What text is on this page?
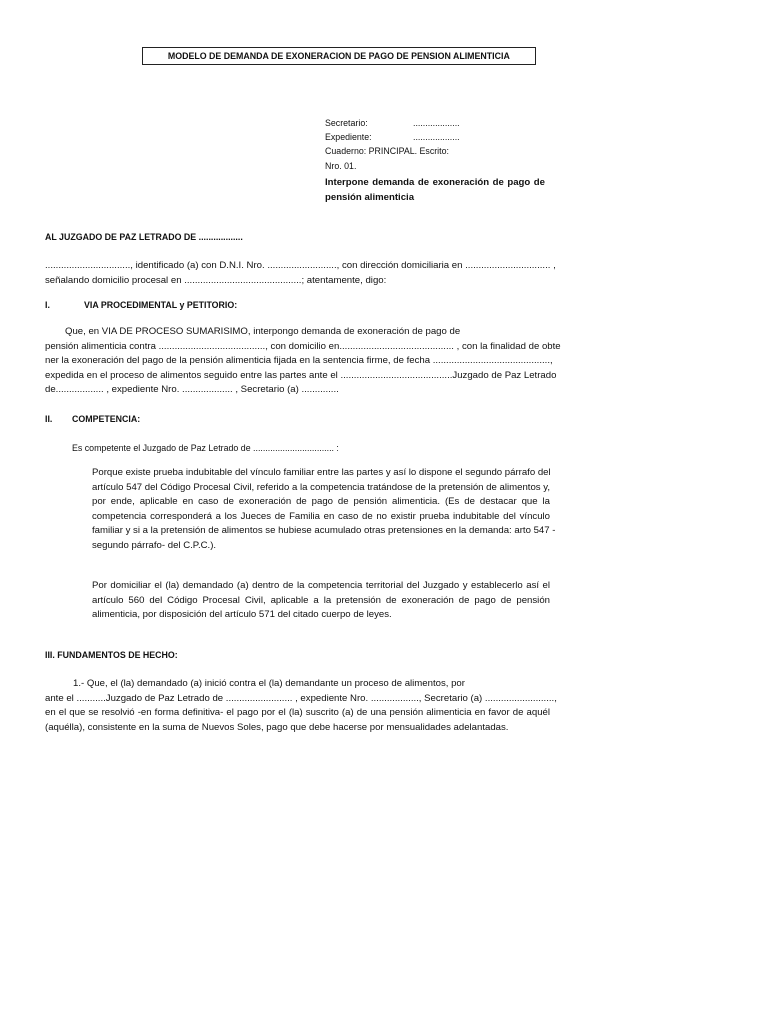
MODELO DE DEMANDA DE EXONERACION DE PAGO DE PENSION ALIMENTICIA
Secretario:	...................
Expediente:	...................
Cuaderno: PRINCIPAL. Escrito:
Nro. 01.
Interpone demanda de exoneración de pago de
pensión alimenticia
AL JUZGADO DE PAZ LETRADO DE ..................
................................, identificado (a) con D.N.I. Nro. .........................., con dirección domiciliaria en ................................ ,
señalando domicilio procesal en ............................................; atentamente, digo:
I.	VIA PROCEDIMENTAL y PETITORIO:
Que, en VIA DE PROCESO SUMARISIMO, interpongo demanda de exoneración de pago de
pensión alimenticia contra ........................................, con domicilio en........................................... , con la finalidad de obte
ner la exoneración del pago de la pensión alimenticia fijada en la sentencia firme, de fecha ............................................,
expedida en el proceso de alimentos seguido entre las partes ante el ..........................................Juzgado de Paz Letrado
de.................. , expediente Nro. ................... , Secretario (a) ..............
II. COMPETENCIA:
Es competente el Juzgado de Paz Letrado de ................................. :
Porque existe prueba indubitable del vínculo familiar entre las partes y así lo dispone el segundo párrafo del
artículo 547 del Código Procesal Civil, referido a la competencia tratándose de la pretensión de alimentos y,
por ende, aplicable en caso de exoneración de pago de pensión alimenticia. (Es de destacar que la
competencia corresponderá a los Jueces de Familia en caso de no existir prueba indubitable del vínculo
familiar y si a la pretensión de alimentos se hubiese acumulado otras pretensiones en la demanda: arto 547 -
segundo párrafo- del C.P.C.).
Por domiciliar el (la) demandado (a) dentro de la competencia territorial del Juzgado y establecerlo así el
artículo 560 del Código Procesal Civil, aplicable a la pretensión de exoneración de pago de pensión
alimenticia, por disposición del artículo 571 del citado cuerpo de leyes.
III. FUNDAMENTOS DE HECHO:
1.- Que, el (la) demandado (a) inició contra el (la) demandante un proceso de alimentos, por
ante el ...........Juzgado de Paz Letrado de ......................... , expediente Nro. .................., Secretario (a) ..........................,
en el que se resolvió -en forma definitiva- el pago por el (la) suscrito (a) de una pensión alimenticia en favor de aquél
(aquélla), consistente en la suma de Nuevos Soles, pago que debe hacerse por mensualidades adelantadas.
